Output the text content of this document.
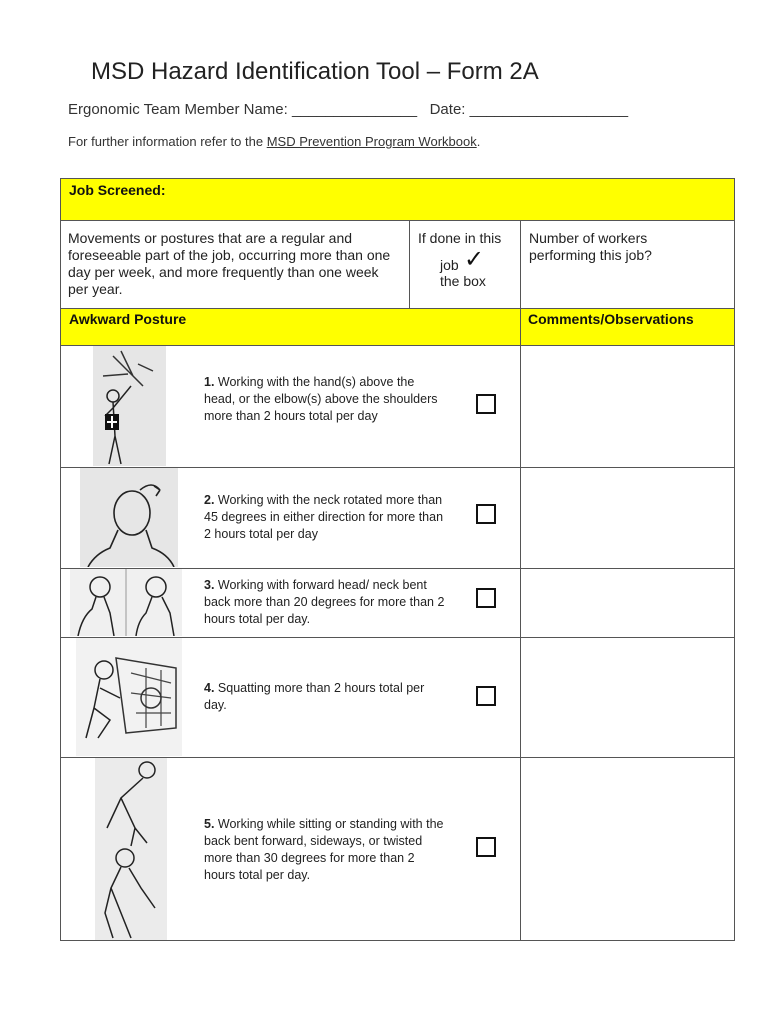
MSD Hazard Identification Tool – Form 2A
Ergonomic Team Member Name: _______________   Date: ___________________
For further information refer to the MSD Prevention Program Workbook.
Job Screened:
Movements or postures that are a regular and foreseeable part of the job, occurring more than one day per week, and more frequently than one week per year.
If done in this
job ✓
the box
Number of workers performing this job?
Awkward Posture	Comments/Observations
1. Working with the hand(s) above the head, or the elbow(s) above the shoulders more than 2 hours total per day
2. Working with the neck rotated more than 45 degrees in either direction for more than 2 hours total per day
3. Working with forward head/ neck bent back more than 20 degrees for more than 2 hours total per day.
4. Squatting more than 2 hours total per day.
5. Working while sitting or standing with the back bent forward, sideways, or twisted more than 30 degrees for more than 2 hours total per day.
